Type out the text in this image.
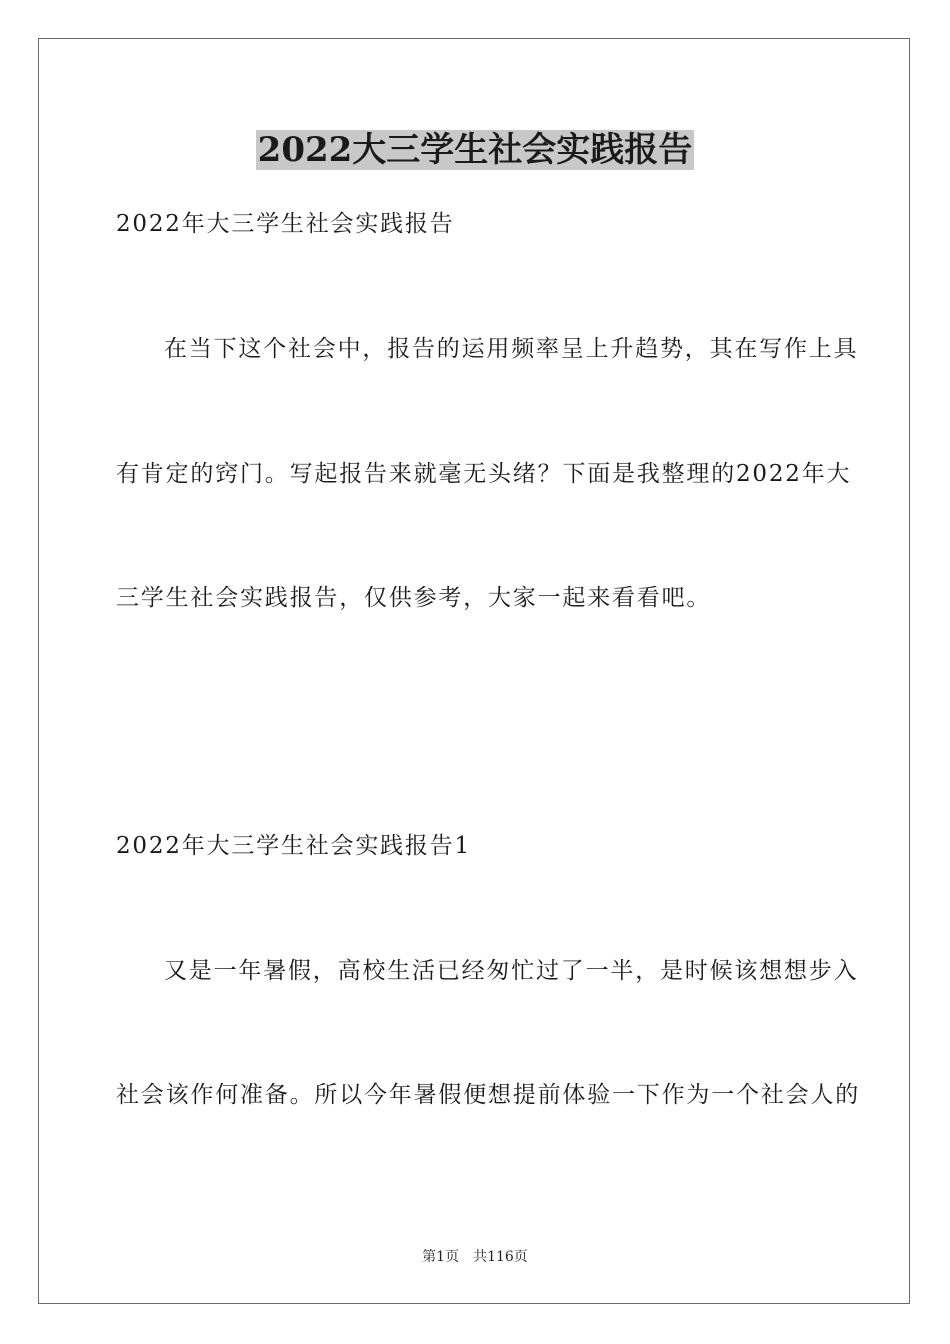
2022大三学生社会实践报告
2022年大三学生社会实践报告
在当下这个社会中，报告的运用频率呈上升趋势，其在写作上具
有肯定的窍门。写起报告来就毫无头绪？下面是我整理的2022年大
三学生社会实践报告，仅供参考，大家一起来看看吧。
2022年大三学生社会实践报告1
又是一年暑假，高校生活已经匆忙过了一半，是时候该想想步入
社会该作何准备。所以今年暑假便想提前体验一下作为一个社会人的
第1页　共116页
